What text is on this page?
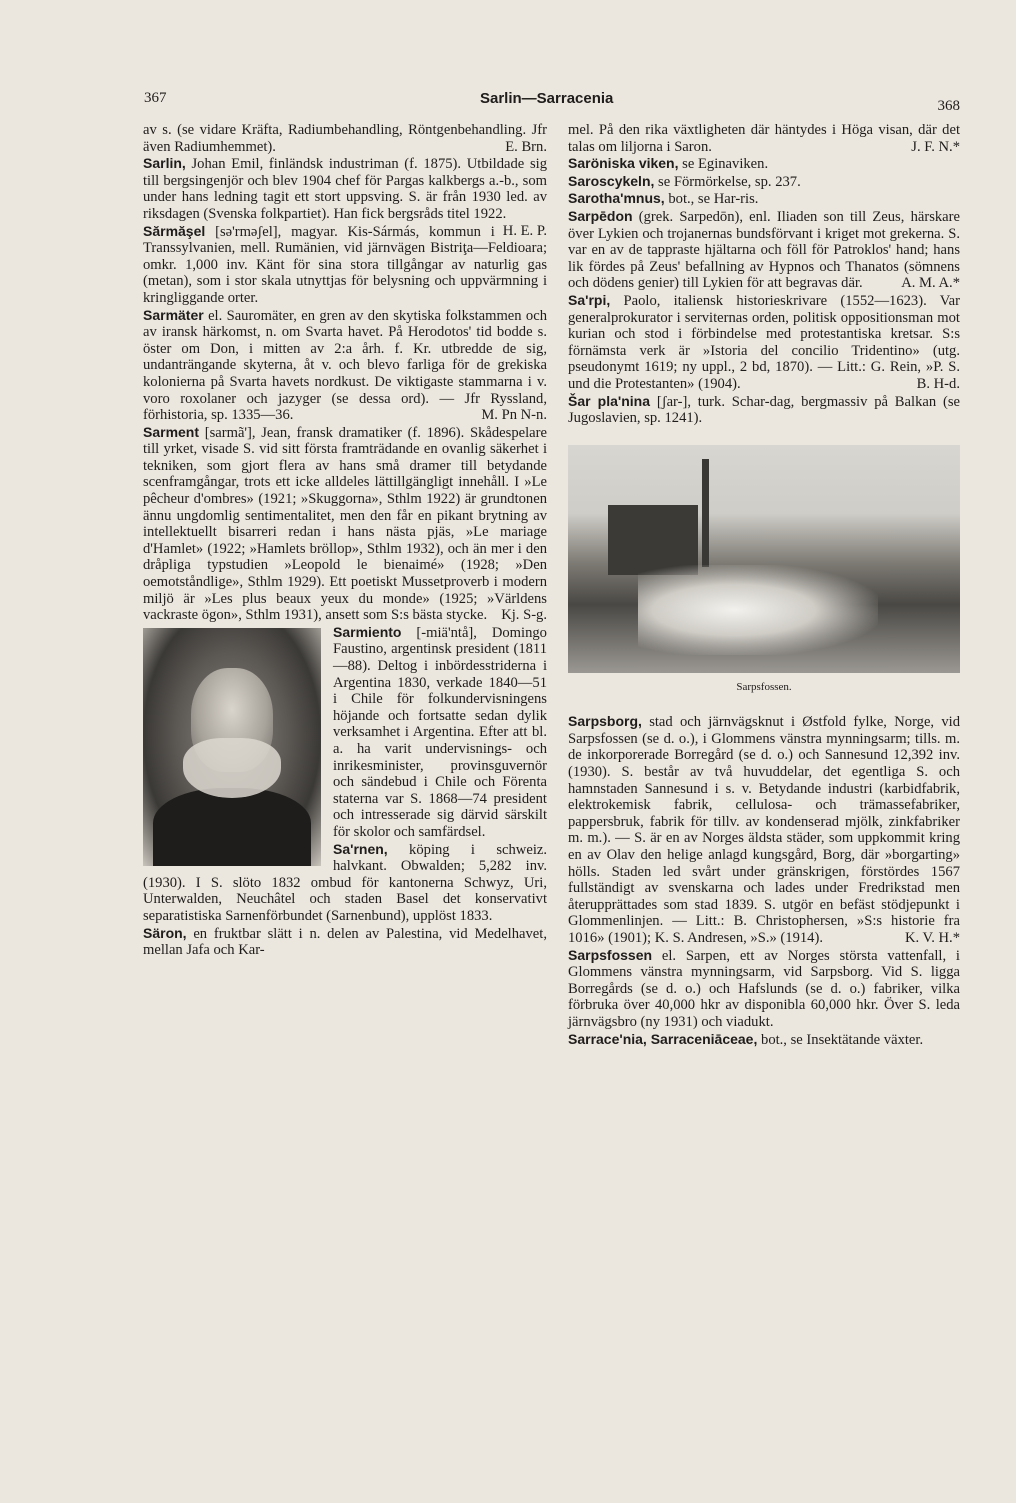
367	Sarlin—Sarracenia	368

av s. (se vidare Kräfta, Radiumbehandling, Röntgenbehandling. Jfr även Radiumhemmet).	E. Brn.

Sarlin, Johan Emil, finländsk industriman (f. 1875). Utbildade sig till bergsingenjör och blev 1904 chef för Pargas kalkbergs a.-b., som under hans ledning tagit ett stort uppsving. S. är från 1930 led. av riksdagen (Svenska folkpartiet). Han fick bergsråds titel 1922.
H. E. P.

Sărmăşel [sə'rməʃel], magyar. Kis-Sármás, kommun i Transsylvanien, mell. Rumänien, vid järnvägen Bistriţa—Feldioara; omkr. 1,000 inv. Känt för sina stora tillgångar av naturlig gas (metan), som i stor skala utnyttjas för belysning och uppvärmning i kringliggande orter.

Sarmäter el. Sauromäter, en gren av den skytiska folkstammen och av iransk härkomst, n. om Svarta havet. På Herodotos' tid bodde s. öster om Don, i mitten av 2:a årh. f. Kr. utbredde de sig, undanträngande skyterna, åt v. och blevo farliga för de grekiska kolonierna på Svarta havets nordkust. De viktigaste stammarna i v. voro roxolaner och jazyger (se dessa ord). — Jfr Ryssland, förhistoria, sp. 1335—36.	M. Pn N-n.

Sarment [sarmã'], Jean, fransk dramatiker (f. 1896). Skådespelare till yrket, visade S. vid sitt första framträdande en ovanlig säkerhet i tekniken, som gjort flera av hans små dramer till betydande scenframgångar, trots ett icke alldeles lättillgängligt innehåll. I »Le pêcheur d'ombres» (1921; »Skuggorna», Sthlm 1922) är grundtonen ännu ungdomlig sentimentalitet, men den får en pikant brytning av intellektuellt bisarreri redan i hans nästa pjäs, »Le mariage d'Hamlet» (1922; »Hamlets bröllop», Sthlm 1932), och än mer i den dråpliga typstudien »Leopold le bienaimé» (1928; »Den oemotståndlige», Sthlm 1929). Ett poetiskt Mussetproverb i modern miljö är »Les plus beaux yeux du monde» (1925; »Världens vackraste ögon», Sthlm 1931), ansett som S:s bästa stycke. Kj. S-g.

Sarmiento [-miä'ntå], Domingo Faustino, argentinsk president (1811—88). Deltog i inbördesstriderna i Argentina 1830, verkade 1840—51 i Chile för folkundervisningens höjande och fortsatte sedan dylik verksamhet i Argentina. Efter att bl. a. ha varit undervisnings- och inrikesminister, provinsguvernör och sändebud i Chile och Förenta staterna var S. 1868—74 president och intresserade sig därvid särskilt för skolor och samfärdsel.

Sa'rnen, köping i schweiz. halvkant. Obwalden; 5,282 inv. (1930). I S. slöto 1832 ombud för kantonerna Schwyz, Uri, Unterwalden, Neuchâtel och staden Basel det konservativt separatistiska Sarnenförbundet (Sarnenbund), upplöst 1833.

Säron, en fruktbar slätt i n. delen av Palestina, vid Medelhavet, mellan Jafa och Kar-

mel. På den rika växtligheten där häntydes i Höga visan, där det talas om liljorna i Saron.	J. F. N.*

Saröniska viken, se Eginaviken.

Saroscykeln, se Förmörkelse, sp. 237.

Sarotha'mnus, bot., se Har-ris.

Sarpēdon (grek. Sarpedōn), enl. Iliaden son till Zeus, härskare över Lykien och trojanernas bundsförvant i kriget mot grekerna. S. var en av de tappraste hjältarna och föll för Patroklos' hand; hans lik fördes på Zeus' befallning av Hypnos och Thanatos (sömnens och dödens genier) till Lykien för att begravas där.	A. M. A.*

Sa'rpi, Paolo, italiensk historieskrivare (1552—1623). Var generalprokurator i serviternas orden, politisk oppositionsman mot kurian och stod i förbindelse med protestantiska kretsar. S:s förnämsta verk är »Istoria del concilio Tridentino» (utg. pseudonymt 1619; ny uppl., 2 bd, 1870). — Litt.: G. Rein, »P. S. und die Protestanten» (1904).	B. H-d.

Šar pla'nina [ʃar-], turk. Schar-dag, bergmassiv på Balkan (se Jugoslavien, sp. 1241).

Sarpsfossen.

Sarpsborg, stad och järnvägsknut i Østfold fylke, Norge, vid Sarpsfossen (se d. o.), i Glommens vänstra mynningsarm; tills. m. de inkorporerade Borregård (se d. o.) och Sannesund 12,392 inv. (1930). S. består av två huvuddelar, det egentliga S. och hamnstaden Sannesund i s. v. Betydande industri (karbidfabrik, elektrokemisk fabrik, cellulosa- och trämassefabriker, pappersbruk, fabrik för tillv. av kondenserad mjölk, zinkfabriker m. m.). — S. är en av Norges äldsta städer, som uppkommit kring en av Olav den helige anlagd kungsgård, Borg, där »borgarting» hölls. Staden led svårt under gränskrigen, förstördes 1567 fullständigt av svenskarna och lades under Fredrikstad men återupprättades som stad 1839. S. utgör en befäst stödjepunkt i Glommenlinjen. — Litt.: B. Christophersen, »S:s historie fra 1016» (1901); K. S. Andresen, »S.» (1914).	K. V. H.*

Sarpsfossen el. Sarpen, ett av Norges största vattenfall, i Glommens vänstra mynningsarm, vid Sarpsborg. Vid S. ligga Borregårds (se d. o.) och Hafslunds (se d. o.) fabriker, vilka förbruka över 40,000 hkr av disponibla 60,000 hkr. Över S. leda järnvägsbro (ny 1931) och viadukt.

Sarrace'nia, Sarraceniāceae, bot., se Insektätande växter.
